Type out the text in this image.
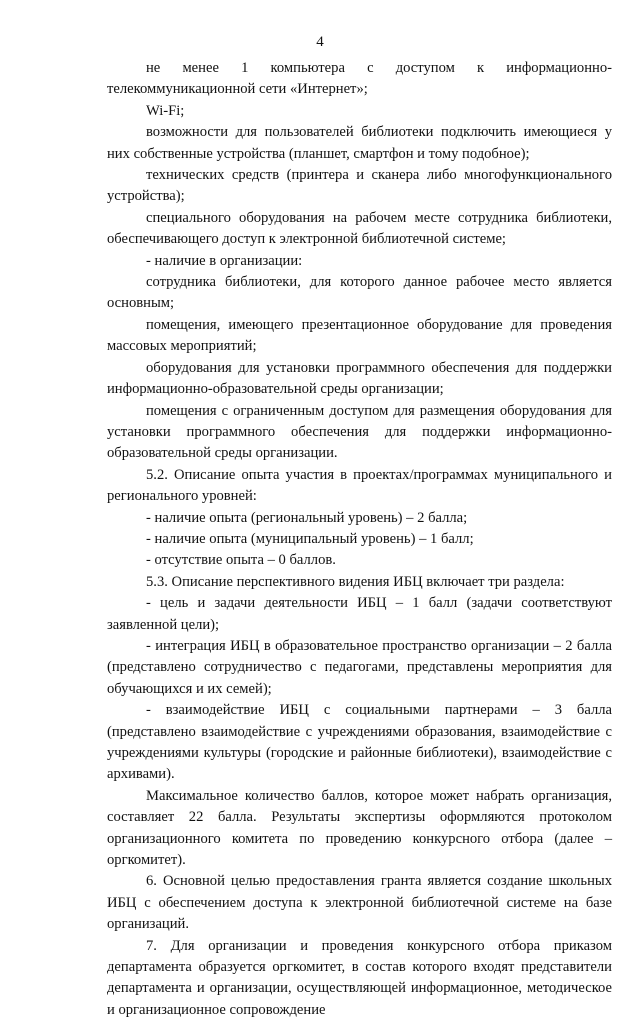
4

не менее 1 компьютера с доступом к информационно-телекоммуникационной сети «Интернет»;

Wi-Fi;

возможности для пользователей библиотеки подключить имеющиеся у них собственные устройства (планшет, смартфон и тому подобное);

технических средств (принтера и сканера либо многофункционального устройства);

специального оборудования на рабочем месте сотрудника библиотеки, обеспечивающего доступ к электронной библиотечной системе;

- наличие в организации:

сотрудника библиотеки, для которого данное рабочее место является основным;

помещения, имеющего презентационное оборудование для проведения массовых мероприятий;

оборудования для установки программного обеспечения для поддержки информационно-образовательной среды организации;

помещения с ограниченным доступом для размещения оборудования для установки программного обеспечения для поддержки информационно-образовательной среды организации.

5.2. Описание опыта участия в проектах/программах муниципального и регионального уровней:

- наличие опыта (региональный уровень) – 2 балла;

- наличие опыта (муниципальный уровень) – 1 балл;

- отсутствие опыта – 0 баллов.

5.3. Описание перспективного видения ИБЦ включает три раздела:

- цель и задачи деятельности ИБЦ – 1 балл (задачи соответствуют заявленной цели);

- интеграция ИБЦ в образовательное пространство организации – 2 балла (представлено сотрудничество с педагогами, представлены мероприятия для обучающихся и их семей);

- взаимодействие ИБЦ с социальными партнерами – 3 балла (представлено взаимодействие с учреждениями образования, взаимодействие с учреждениями культуры (городские и районные библиотеки), взаимодействие с архивами).

Максимальное количество баллов, которое может набрать организация, составляет 22 балла. Результаты экспертизы оформляются протоколом организационного комитета по проведению конкурсного отбора (далее – оргкомитет).

6. Основной целью предоставления гранта является создание школьных ИБЦ с обеспечением доступа к электронной библиотечной системе на базе организаций.

7. Для организации и проведения конкурсного отбора приказом департамента образуется оргкомитет, в состав которого входят представители департамента и организации, осуществляющей информационное, методическое и организационное сопровождение
